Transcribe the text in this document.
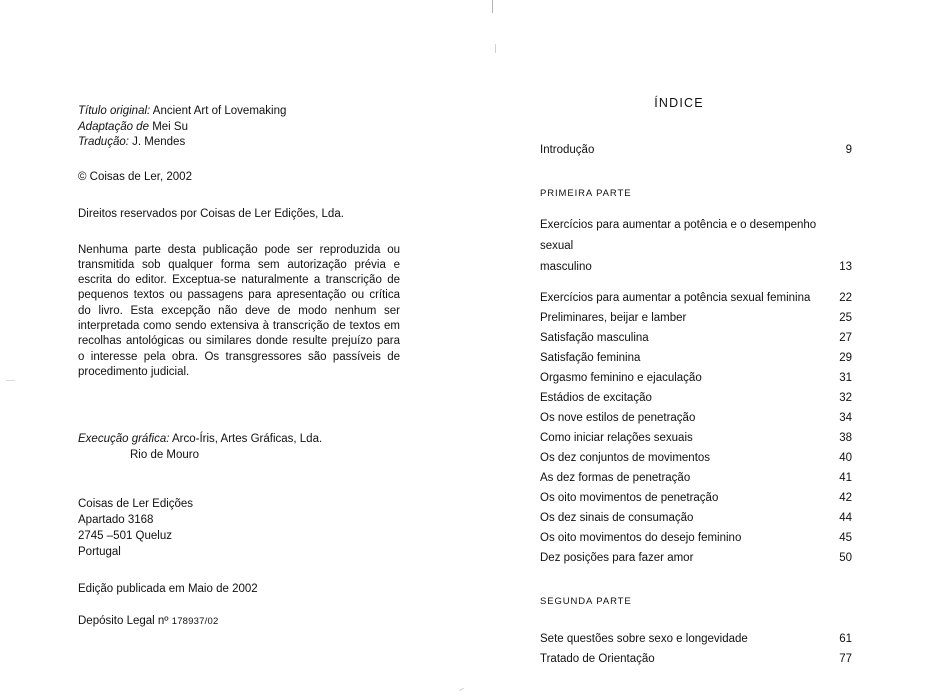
Título original: Ancient Art of Lovemaking
Adaptação de Mei Su
Tradução: J. Mendes
© Coisas de Ler, 2002
Direitos reservados por Coisas de Ler Edições, Lda.
Nenhuma parte desta publicação pode ser reproduzida ou transmitida sob qualquer forma sem autorização prévia e escrita do editor. Exceptua-se naturalmente a transcrição de pequenos textos ou passagens para apresentação ou crítica do livro. Esta excepção não deve de modo nenhum ser interpretada como sendo extensiva à transcrição de textos em recolhas antológicas ou similares donde resulte prejuízo para o interesse pela obra. Os transgressores são passíveis de procedimento judicial.
Execução gráfica: Arco-Íris, Artes Gráficas, Lda.
Rio de Mouro
Coisas de Ler Edições
Apartado 3168
2745 –501 Queluz
Portugal
Edição publicada em Maio de 2002
Depósito Legal nº 178937/02
ÍNDICE
Introdução	9
PRIMEIRA PARTE
Exercícios para aumentar a potência e o desempenho sexual
masculino	13
Exercícios para aumentar a potência sexual feminina	22
Preliminares, beijar e lamber	25
Satisfação masculina	27
Satisfação feminina	29
Orgasmo feminino e ejaculação	31
Estádios de excitação	32
Os nove estilos de penetração	34
Como iniciar relações sexuais	38
Os dez conjuntos de movimentos	40
As dez formas de penetração	41
Os oito movimentos de penetração	42
Os dez sinais de consumação	44
Os oito movimentos do desejo feminino	45
Dez posições para fazer amor	50
SEGUNDA PARTE
Sete questões sobre sexo e longevidade	61
Tratado de Orientação	77
